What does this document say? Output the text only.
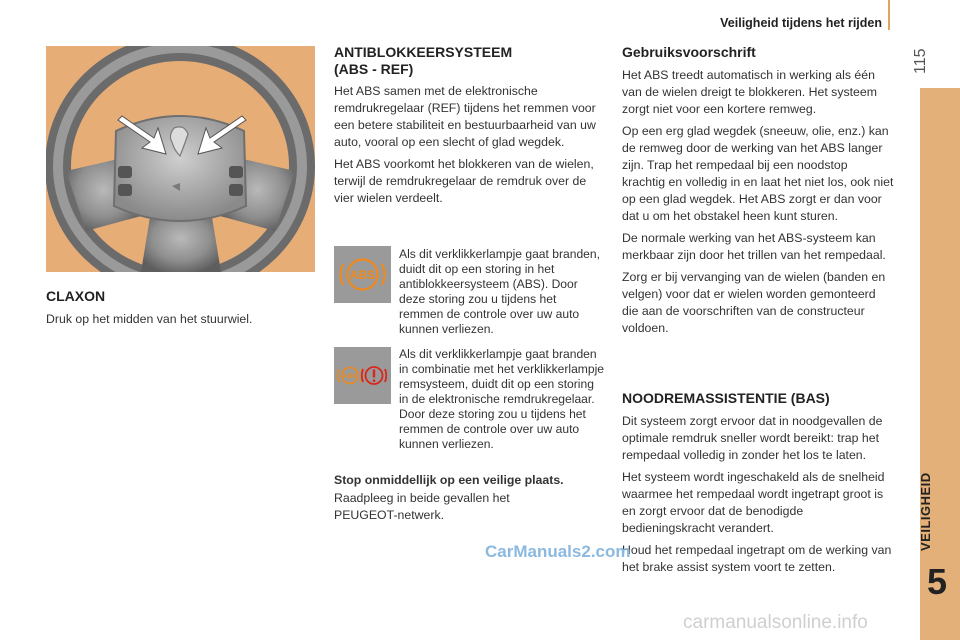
Veiligheid tijdens het rijden
115
VEILIGHEID
5
CLAXON
Druk op het midden van het stuurwiel.
ANTIBLOKKEERSYSTEEM
(ABS - REF)

Het ABS samen met de elektronische remdrukregelaar (REF) tijdens het remmen voor een betere stabiliteit en bestuurbaarheid van uw auto, vooral op een slecht of glad wegdek.

Het ABS voorkomt het blokkeren van de wielen, terwijl de remdrukregelaar de remdruk over de vier wielen verdeelt.

ABS
Als dit verklikkerlampje gaat branden, duidt dit op een storing in het antiblokkeersysteem (ABS). Door deze storing zou u tijdens het remmen de controle over uw auto kunnen verliezen.
ABS
Als dit verklikkerlampje gaat branden in combinatie met het verklikkerlampje remsysteem, duidt dit op een storing in de elektronische remdrukregelaar. Door deze storing zou u tijdens het remmen de controle over uw auto kunnen verliezen.
Stop onmiddellijk op een veilige plaats.
Raadpleeg in beide gevallen het PEUGEOT-netwerk.
Gebruiksvoorschrift

Het ABS treedt automatisch in werking als één van de wielen dreigt te blokkeren. Het systeem zorgt niet voor een kortere remweg.

Op een erg glad wegdek (sneeuw, olie, enz.) kan de remweg door de werking van het ABS langer zijn. Trap het rempedaal bij een noodstop krachtig en volledig in en laat het niet los, ook niet op een glad wegdek. Het ABS zorgt er dan voor dat u om het obstakel heen kunt sturen.

De normale werking van het ABS-systeem kan merkbaar zijn door het trillen van het rempedaal.

Zorg er bij vervanging van de wielen (banden en velgen) voor dat er wielen worden gemonteerd die aan de voorschriften van de constructeur voldoen.

NOODREMASSISTENTIE (BAS)

Dit systeem zorgt ervoor dat in noodgevallen de optimale remdruk sneller wordt bereikt: trap het rempedaal volledig in zonder het los te laten.

Het systeem wordt ingeschakeld als de snelheid waarmee het rempedaal wordt ingetrapt groot is en zorgt ervoor dat de benodigde bedieningskracht verandert.

Houd het rempedaal ingetrapt om de werking van het brake assist system voort te zetten.

CarManuals2.com
carmanualsonline.info
